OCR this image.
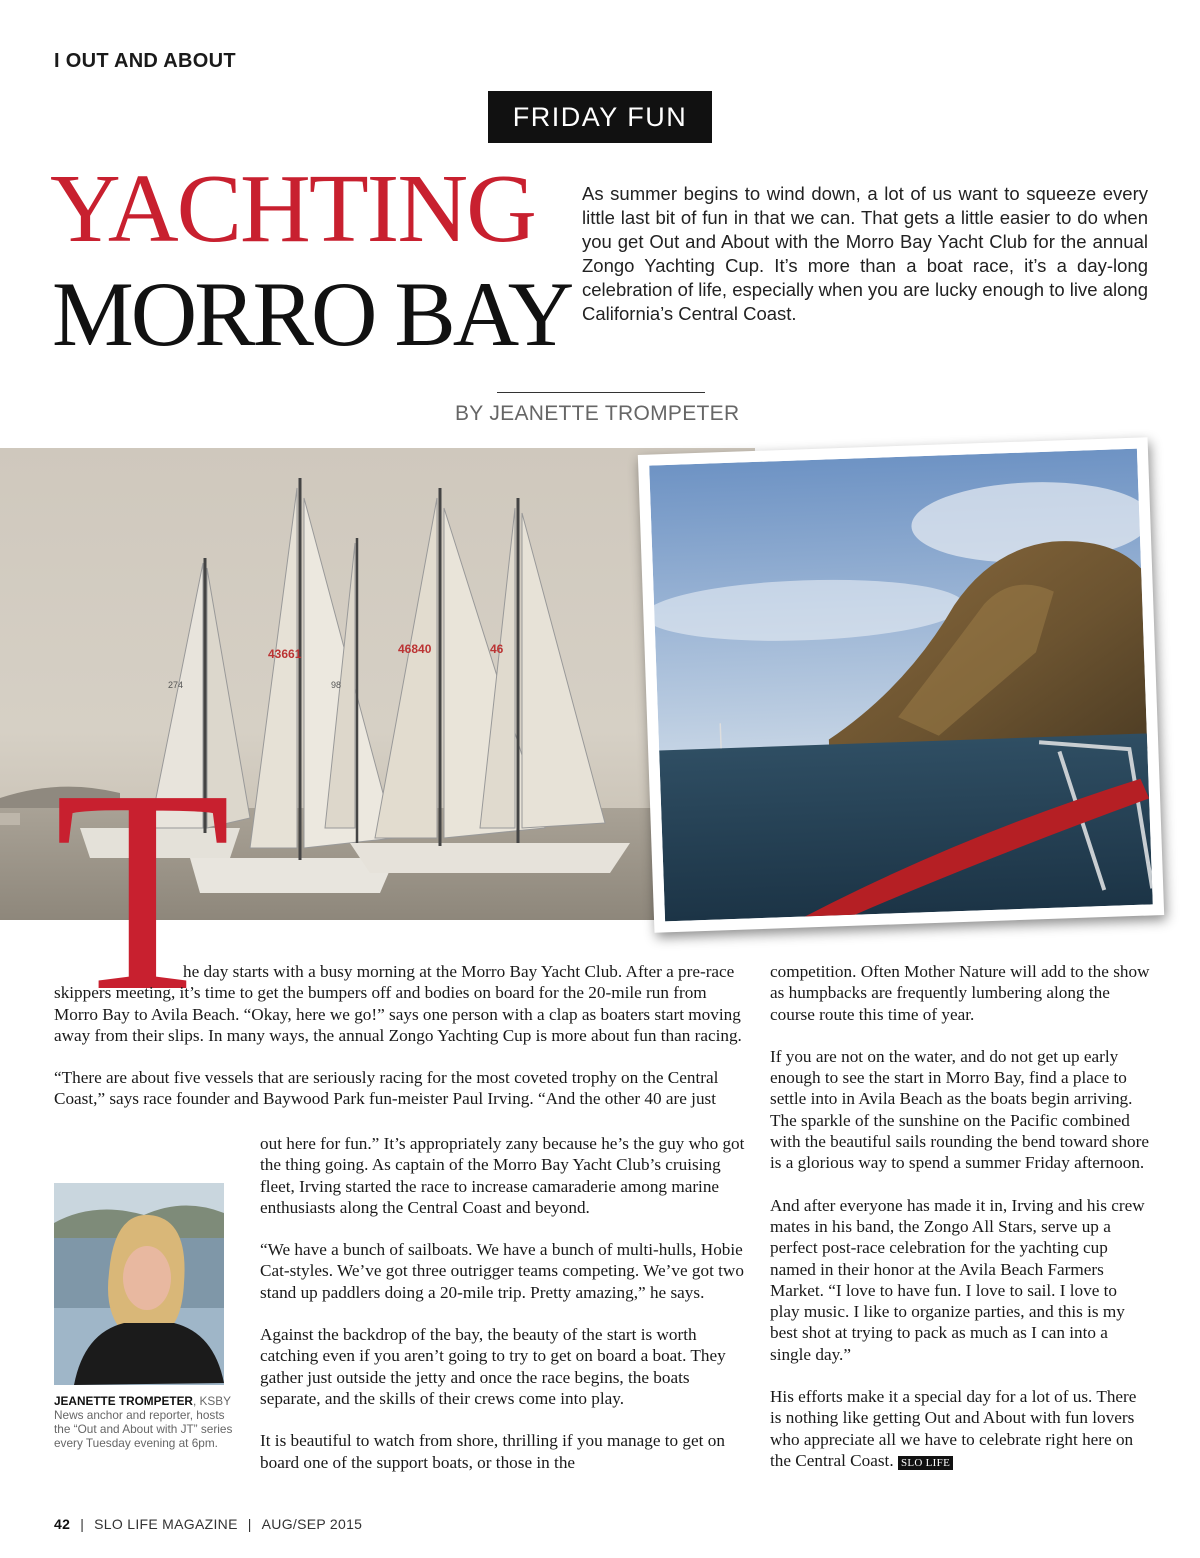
I OUT AND ABOUT
FRIDAY FUN
YACHTING
MORRO BAY
As summer begins to wind down, a lot of us want to squeeze every little last bit of fun in that we can. That gets a little easier to do when you get Out and About with the Morro Bay Yacht Club for the annual Zongo Yachting Cup. It’s more than a boat race, it’s a day-long celebration of life, especially when you are lucky enough to live along California’s Central Coast.
BY JEANETTE TROMPETER
43661	46840	46
274	98
T

he day starts with a busy morning at the Morro Bay Yacht Club. After a pre-race skippers meeting, it’s time to get the bumpers off and bodies on board for the 20-mile run from Morro Bay to Avila Beach. “Okay, here we go!” says one person with a clap as boaters start moving away from their slips. In many ways, the annual Zongo Yachting Cup is more about fun than racing.

“There are about five vessels that are seriously racing for the most coveted trophy on the Central Coast,” says race founder and Baywood Park fun-meister Paul Irving. “And the other 40 are just

out here for fun.” It’s appropriately zany because he’s the guy who got the thing going. As captain of the Morro Bay Yacht Club’s cruising fleet, Irving started the race to increase camaraderie among marine enthusiasts along the Central Coast and beyond.

“We have a bunch of sailboats. We have a bunch of multi-hulls, Hobie Cat-styles. We’ve got three outrigger teams competing. We’ve got two stand up paddlers doing a 20-mile trip. Pretty amazing,” he says.

Against the backdrop of the bay, the beauty of the start is worth catching even if you aren’t going to try to get on board a boat. They gather just outside the jetty and once the race begins, the boats separate, and the skills of their crews come into play.

It is beautiful to watch from shore, thrilling if you manage to get on board one of the support boats, or those in the

JEANETTE TROMPETER, KSBY News anchor and reporter, hosts the “Out and About with JT” series every Tuesday evening at 6pm.

competition. Often Mother Nature will add to the show as humpbacks are frequently lumbering along the course route this time of year.

If you are not on the water, and do not get up early enough to see the start in Morro Bay, find a place to settle into in Avila Beach as the boats begin arriving. The sparkle of the sunshine on the Pacific combined with the beautiful sails rounding the bend toward shore is a glorious way to spend a summer Friday afternoon.

And after everyone has made it in, Irving and his crew mates in his band, the Zongo All Stars, serve up a perfect post-race celebration for the yachting cup named in their honor at the Avila Beach Farmers Market. “I love to have fun. I love to sail. I love to play music. I like to organize parties, and this is my best shot at trying to pack as much as I can into a single day.”

His efforts make it a special day for a lot of us. There is nothing like getting Out and About with fun lovers who appreciate all we have to celebrate right here on the Central Coast. SLO LIFE

42 | SLO LIFE MAGAZINE | AUG/SEP 2015
